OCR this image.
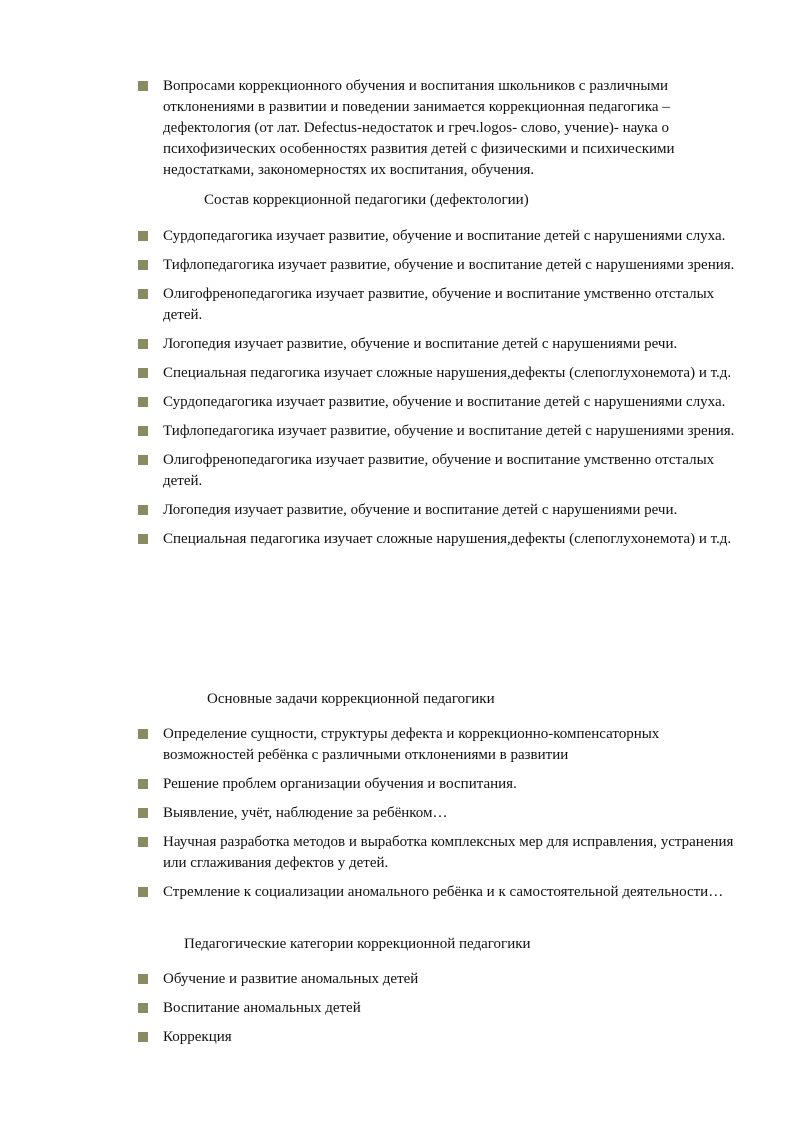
Вопросами коррекционного обучения и воспитания школьников с различными отклонениями в развитии и поведении занимается коррекционная педагогика – дефектология (от лат. Defectus-недостаток и греч.logos- слово, учение)- наука о психофизических особенностях развития детей с физическими и психическими недостатками, закономерностях их воспитания, обучения.

Состав коррекционной педагогики (дефектологии)

Сурдопедагогика изучает развитие, обучение и воспитание детей с нарушениями слуха.

Тифлопедагогика изучает развитие, обучение и воспитание детей с нарушениями зрения.

Олигофренопедагогика изучает развитие, обучение и воспитание умственно отсталых детей.

Логопедия изучает развитие, обучение и воспитание детей с нарушениями речи.

Специальная педагогика изучает сложные нарушения,дефекты (слепоглухонемота) и т.д.

Сурдопедагогика изучает развитие, обучение и воспитание детей с нарушениями слуха.

Тифлопедагогика изучает развитие, обучение и воспитание детей с нарушениями зрения.

Олигофренопедагогика изучает развитие, обучение и воспитание умственно отсталых детей.

Логопедия изучает развитие, обучение и воспитание детей с нарушениями речи.

Специальная педагогика изучает сложные нарушения,дефекты (слепоглухонемота) и т.д.

Основные задачи коррекционной педагогики

Определение сущности, структуры дефекта и коррекционно-компенсаторных возможностей ребёнка с различными отклонениями в развитии

Решение проблем организации обучения и воспитания.

Выявление, учёт, наблюдение за ребёнком…

Научная разработка методов и выработка комплексных мер для исправления, устранения или сглаживания дефектов у детей.

Стремление к социализации аномального ребёнка и к самостоятельной деятельности…

Педагогические категории коррекционной педагогики

Обучение и развитие аномальных детей

Воспитание аномальных детей

Коррекция
